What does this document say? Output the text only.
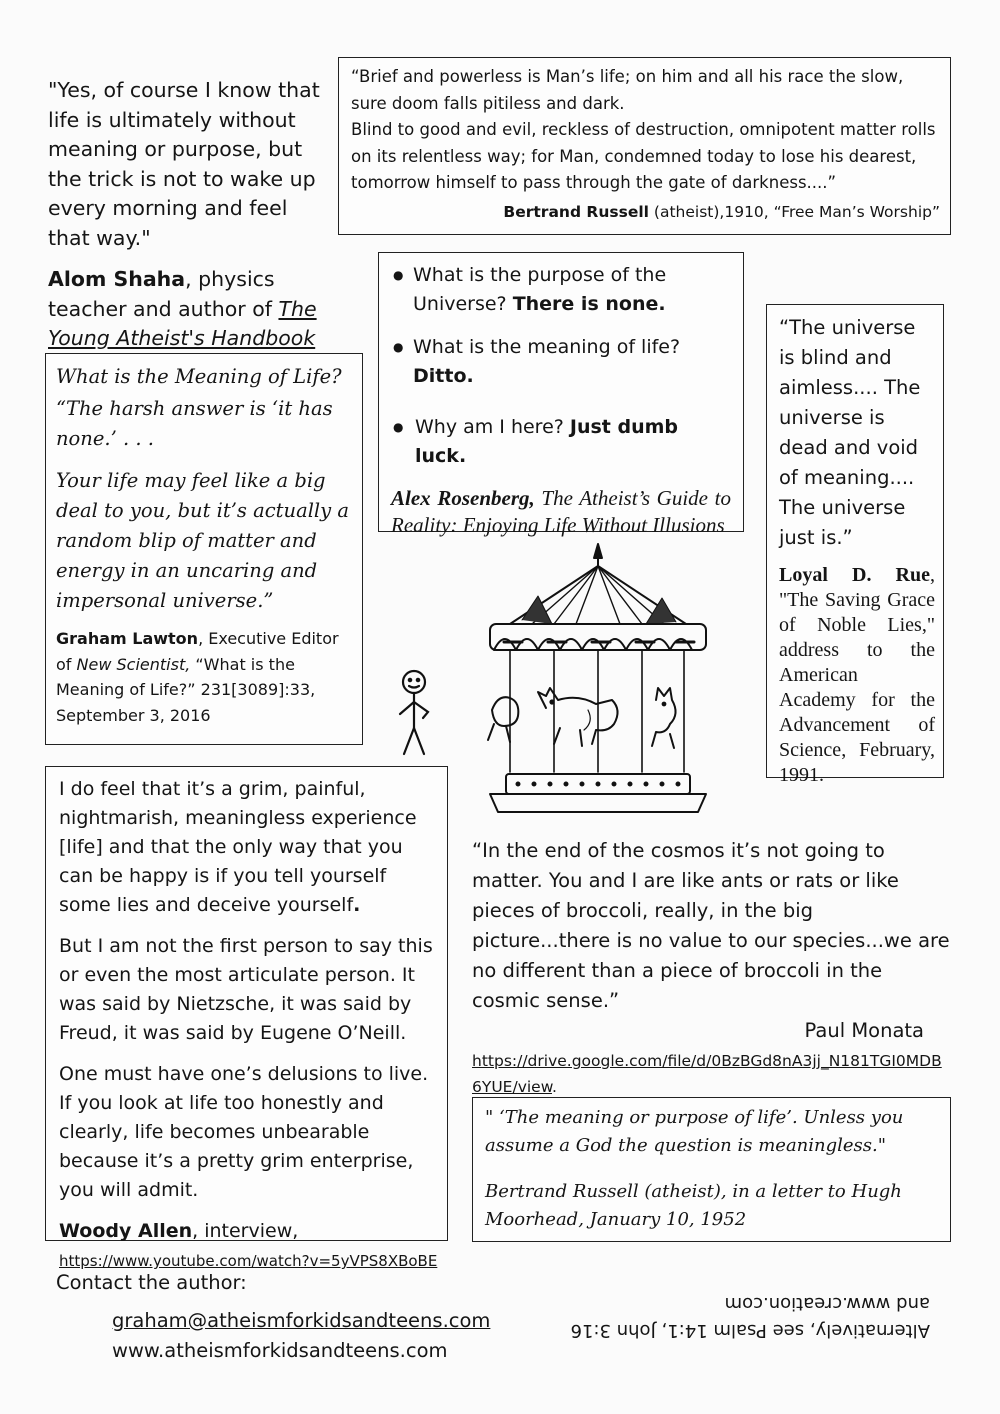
"Yes, of course I know that life is ultimately without meaning or purpose, but the trick is not to wake up every morning and feel that way."

Alom Shaha, physics teacher and author of The Young Atheist's Handbook

“Brief and powerless is Man’s life; on him and all his race the slow, sure doom falls pitiless and dark.

Blind to good and evil, reckless of destruction, omnipotent matter rolls on its relentless way; for Man, condemned today to lose his dearest, tomorrow himself to pass through the gate of darkness....”

Bertrand Russell (atheist),1910, “Free Man’s Worship”

● What is the purpose of the Universe? There is none.
● What is the meaning of life? Ditto.
● Why am I here? Just dumb luck.

Alex Rosenberg, The Atheist’s Guide to Reality: Enjoying Life Without Illusions

“The universe is blind and aimless.... The universe is dead and void of meaning.... The universe just is.”

Loyal D. Rue, "The Saving Grace of Noble Lies," address to the American Academy for the Advancement of Science, February, 1991.

What is the Meaning of Life?

“The harsh answer is ‘it has none.’ . . .

Your life may feel like a big deal to you, but it’s actually a random blip of matter and energy in an uncaring and impersonal universe.”

Graham Lawton, Executive Editor of New Scientist, “What is the Meaning of Life?” 231[3089]:33, September 3, 2016

I do feel that it’s a grim, painful, nightmarish, meaningless experience [life] and that the only way that you can be happy is if you tell yourself some lies and deceive yourself.

But I am not the first person to say this or even the most articulate person. It was said by Nietzsche, it was said by Freud, it was said by Eugene O’Neill.

One must have one’s delusions to live. If you look at life too honestly and clearly, life becomes unbearable because it’s a pretty grim enterprise, you will admit.

Woody Allen, interview,
https://www.youtube.com/watch?v=5yVPS8XBoBE

“In the end of the cosmos it’s not going to matter. You and I are like ants or rats or like pieces of broccoli, really, in the big picture...there is no value to our species...we are no different than a piece of broccoli in the cosmic sense.”

Paul Monata

https://drive.google.com/file/d/0BzBGd8nA3jj_N181TGI0MDB6YUE/view.

" ‘The meaning or purpose of life’. Unless you assume a God the question is meaningless."

Bertrand Russell (atheist), in a letter to Hugh Moorhead, January 10, 1952

Contact the author:

graham@atheismforkidsandteens.com
www.atheismforkidsandteens.com

Alternatively, see Psalm 14:1, John 3:16

and www.creation.com
